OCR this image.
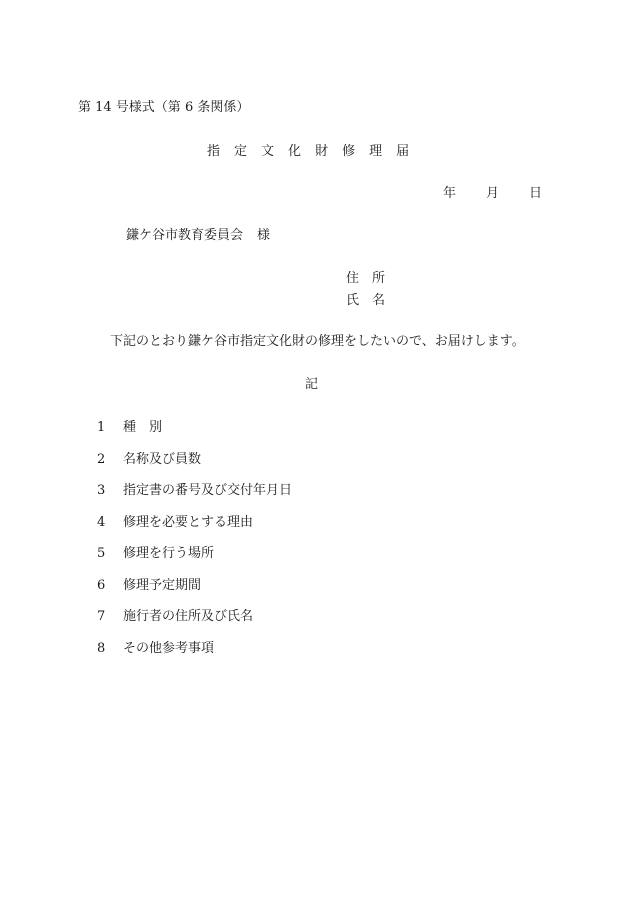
第 14 号様式（第 6 条関係）
指 定 文 化 財 修 理 届
年 月 日
鎌ケ谷市教育委員会 様
住 所
氏 名
下記のとおり鎌ケ谷市指定文化財の修理をしたいので、お届けします。
記
1	種　別
2	名称及び員数
3	指定書の番号及び交付年月日
4	修理を必要とする理由
5	修理を行う場所
6	修理予定期間
7	施行者の住所及び氏名
8	その他参考事項
